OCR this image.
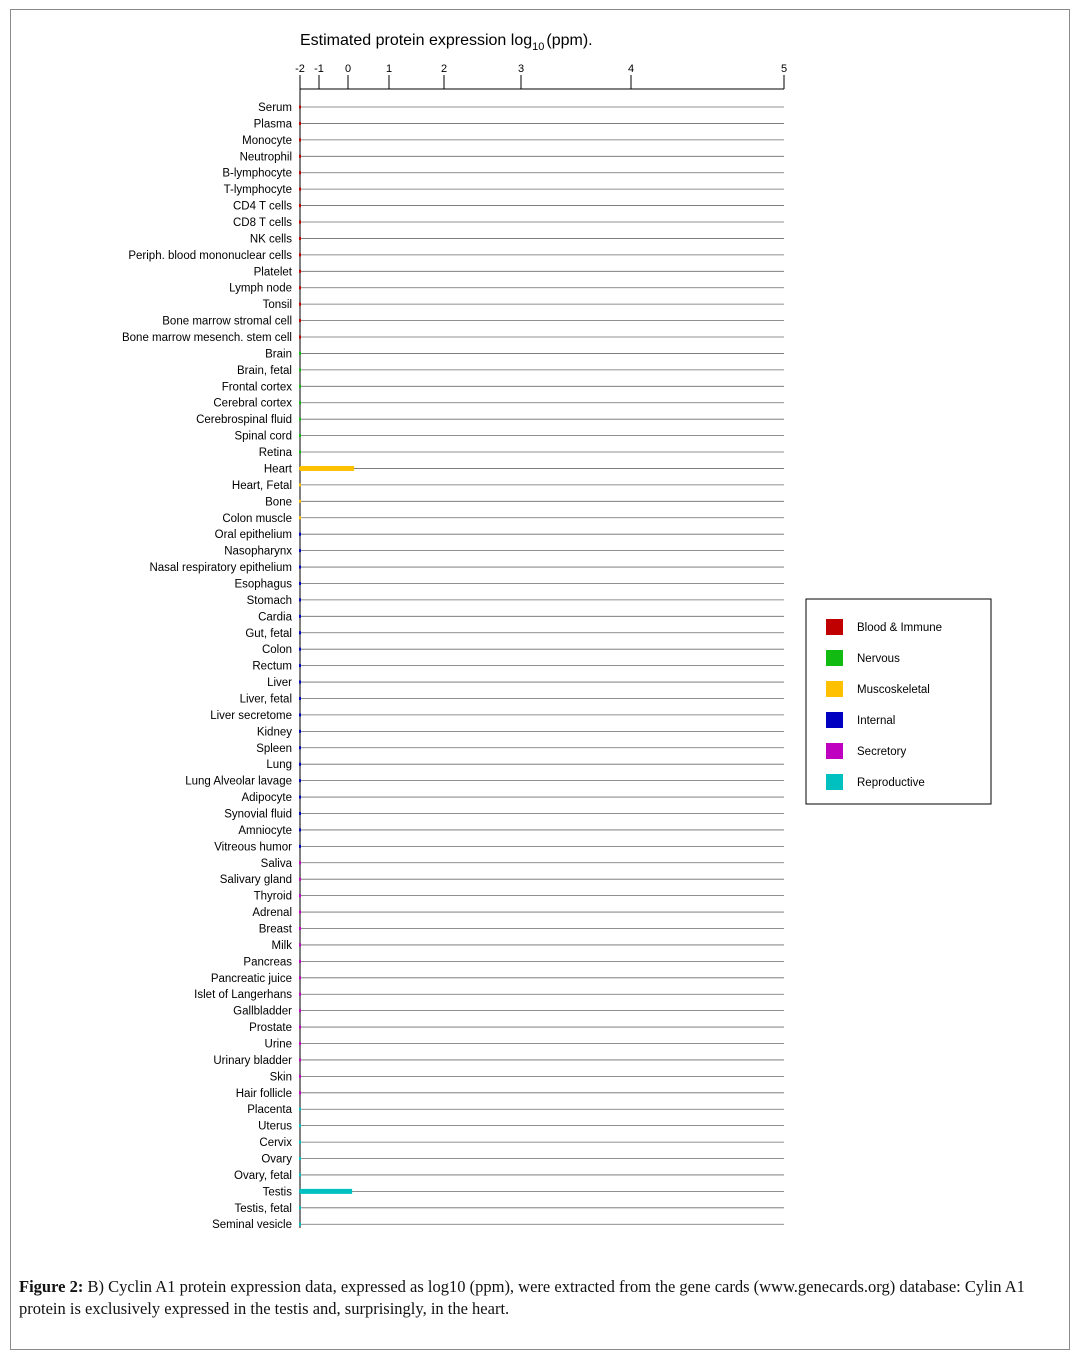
Estimated protein expression $\log_{10} (ppm)$.
-2 -1 0	1	2	3	4	5
Serum
Plasma
Monocyte
Neutrophil
B-lymphocyte
T-lymphocyte
CD4 T cells
CD8 T cells
NK cells
Periph. blood mononuclear cells
Platelet
Lymph node
Tonsil
Bone marrow stromal cell
Bone marrow mesench. stem cell
Brain
Brain, fetal
Frontal cortex
Cerebral cortex
Cerebrospinal fluid
Spinal cord
Retina
Heart
Heart, Fetal
Bone
Colon muscle
Oral epithelium
Nasopharynx
Nasal respiratory epithelium
Esophagus
Stomach
Cardia
Gut, fetal
Colon
Rectum
Liver
Liver, fetal
Liver secretome
Kidney
Spleen
Lung
Lung Alveolar lavage
Adipocyte
Synovial fluid
Amniocyte
Vitreous humor
Saliva
Salivary gland
Thyroid
Adrenal
Breast
Milk
Pancreas
Pancreatic juice
Islet of Langerhans
Gallbladder
Prostate
Urine
Urinary bladder
Skin
Hair follicle
Placenta
Uterus
Cervix
Ovary
Ovary, fetal
Testis
Testis, fetal
Seminal vesicle
Blood & Immune
Nervous
Muscoskeletal
Internal
Secretory
Reproductive
Figure 2: B) Cyclin A1 protein expression data, expressed as log10 (ppm), were extracted from the gene cards (www.genecards.org) database: Cylin A1 protein is exclusively expressed in the testis and, surprisingly, in the heart.
